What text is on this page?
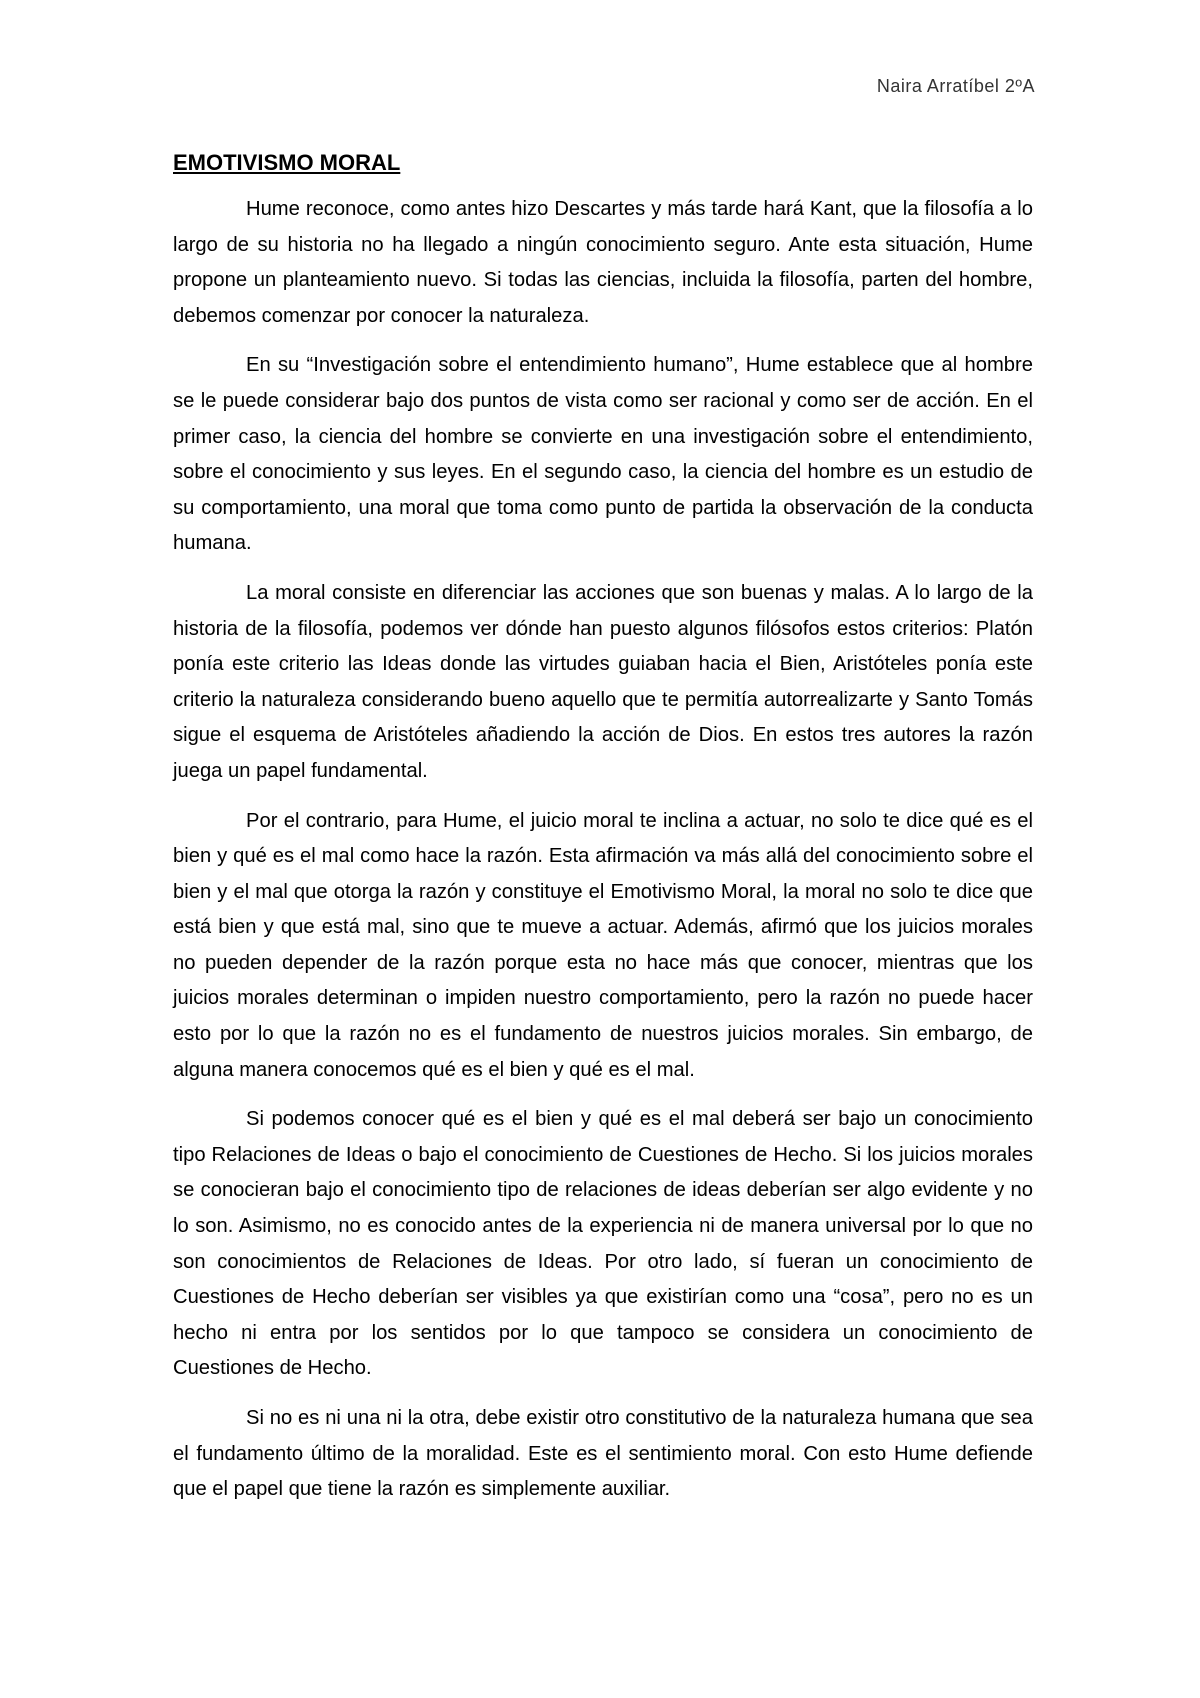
Naira Arratíbel 2ºA
EMOTIVISMO MORAL

Hume reconoce, como antes hizo Descartes y más tarde hará Kant, que la filosofía a lo largo de su historia no ha llegado a ningún conocimiento seguro. Ante esta situación, Hume propone un planteamiento nuevo. Si todas las ciencias, incluida la filosofía, parten del hombre, debemos comenzar por conocer la naturaleza.

En su “Investigación sobre el entendimiento humano”, Hume establece que al hombre se le puede considerar bajo dos puntos de vista como ser racional y como ser de acción. En el primer caso, la ciencia del hombre se convierte en una investigación sobre el entendimiento, sobre el conocimiento y sus leyes. En el segundo caso, la ciencia del hombre es un estudio de su comportamiento, una moral que toma como punto de partida la observación de la conducta humana.

La moral consiste en diferenciar las acciones que son buenas y malas. A lo largo de la historia de la filosofía, podemos ver dónde han puesto algunos filósofos estos criterios: Platón ponía este criterio las Ideas donde las virtudes guiaban hacia el Bien, Aristóteles ponía este criterio la naturaleza considerando bueno aquello que te permitía autorrealizarte y Santo Tomás sigue el esquema de Aristóteles añadiendo la acción de Dios. En estos tres autores la razón juega un papel fundamental.

Por el contrario, para Hume, el juicio moral te inclina a actuar, no solo te dice qué es el bien y qué es el mal como hace la razón. Esta afirmación va más allá del conocimiento sobre el bien y el mal que otorga la razón y constituye el Emotivismo Moral, la moral no solo te dice que está bien y que está mal, sino que te mueve a actuar. Además, afirmó que los juicios morales no pueden depender de la razón porque esta no hace más que conocer, mientras que los juicios morales determinan o impiden nuestro comportamiento, pero la razón no puede hacer esto por lo que la razón no es el fundamento de nuestros juicios morales. Sin embargo, de alguna manera conocemos qué es el bien y qué es el mal.

Si podemos conocer qué es el bien y qué es el mal deberá ser bajo un conocimiento tipo Relaciones de Ideas o bajo el conocimiento de Cuestiones de Hecho. Si los juicios morales se conocieran bajo el conocimiento tipo de relaciones de ideas deberían ser algo evidente y no lo son. Asimismo, no es conocido antes de la experiencia ni de manera universal por lo que no son conocimientos de Relaciones de Ideas. Por otro lado, sí fueran un conocimiento de Cuestiones de Hecho deberían ser visibles ya que existirían como una “cosa”, pero no es un hecho ni entra por los sentidos por lo que tampoco se considera un conocimiento de Cuestiones de Hecho.

Si no es ni una ni la otra, debe existir otro constitutivo de la naturaleza humana que sea el fundamento último de la moralidad. Este es el sentimiento moral. Con esto Hume defiende que el papel que tiene la razón es simplemente auxiliar.
